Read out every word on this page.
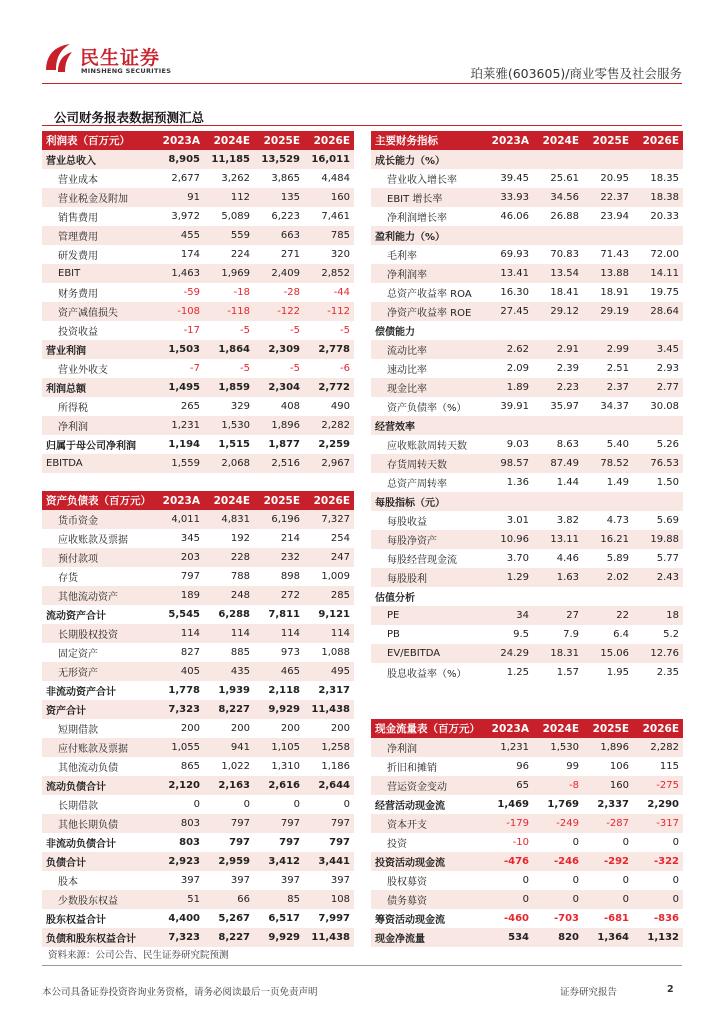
民生证券
MINSHENG SECURITIES	珀莱雅(603605)/商业零售及社会服务
公司财务报表数据预测汇总
利润表（百万元）	2023A	2024E	2025E	2026E
营业总收入	8,905	11,185	13,529	16,011
营业成本	2,677	3,262	3,865	4,484
营业税金及附加	91	112	135	160
销售费用	3,972	5,089	6,223	7,461
管理费用	455	559	663	785
研发费用	174	224	271	320
EBIT	1,463	1,969	2,409	2,852
财务费用	-59	-18	-28	-44
资产减值损失	-108	-118	-122	-112
投资收益	-17	-5	-5	-5
营业利润	1,503	1,864	2,309	2,778
营业外收支	-7	-5	-5	-6
利润总额	1,495	1,859	2,304	2,772
所得税	265	329	408	490
净利润	1,231	1,530	1,896	2,282
归属于母公司净利润	1,194	1,515	1,877	2,259
EBITDA	1,559	2,068	2,516	2,967
资产负债表（百万元）	2023A	2024E	2025E	2026E
货币资金	4,011	4,831	6,196	7,327
应收账款及票据	345	192	214	254
预付款项	203	228	232	247
存货	797	788	898	1,009
其他流动资产	189	248	272	285
流动资产合计	5,545	6,288	7,811	9,121
长期股权投资	114	114	114	114
固定资产	827	885	973	1,088
无形资产	405	435	465	495
非流动资产合计	1,778	1,939	2,118	2,317
资产合计	7,323	8,227	9,929	11,438
短期借款	200	200	200	200
应付账款及票据	1,055	941	1,105	1,258
其他流动负债	865	1,022	1,310	1,186
流动负债合计	2,120	2,163	2,616	2,644
长期借款	0	0	0	0
其他长期负债	803	797	797	797
非流动负债合计	803	797	797	797
负债合计	2,923	2,959	3,412	3,441
股本	397	397	397	397
少数股东权益	51	66	85	108
股东权益合计	4,400	5,267	6,517	7,997
负债和股东权益合计	7,323	8,227	9,929	11,438
主要财务指标	2023A	2024E	2025E	2026E
成长能力（%）				
营业收入增长率	39.45	25.61	20.95	18.35
EBIT 增长率	33.93	34.56	22.37	18.38
净利润增长率	46.06	26.88	23.94	20.33
盈利能力（%）				
毛利率	69.93	70.83	71.43	72.00
净利润率	13.41	13.54	13.88	14.11
总资产收益率 ROA	16.30	18.41	18.91	19.75
净资产收益率 ROE	27.45	29.12	29.19	28.64
偿债能力				
流动比率	2.62	2.91	2.99	3.45
速动比率	2.09	2.39	2.51	2.93
现金比率	1.89	2.23	2.37	2.77
资产负债率（%）	39.91	35.97	34.37	30.08
经营效率				
应收账款周转天数	9.03	8.63	5.40	5.26
存货周转天数	98.57	87.49	78.52	76.53
总资产周转率	1.36	1.44	1.49	1.50
每股指标（元）				
每股收益	3.01	3.82	4.73	5.69
每股净资产	10.96	13.11	16.21	19.88
每股经营现金流	3.70	4.46	5.89	5.77
每股股利	1.29	1.63	2.02	2.43
估值分析				
PE	34	27	22	18
PB	9.5	7.9	6.4	5.2
EV/EBITDA	24.29	18.31	15.06	12.76
股息收益率（%）	1.25	1.57	1.95	2.35
现金流量表（百万元）	2023A	2024E	2025E	2026E
净利润	1,231	1,530	1,896	2,282
折旧和摊销	96	99	106	115
营运资金变动	65	-8	160	-275
经营活动现金流	1,469	1,769	2,337	2,290
资本开支	-179	-249	-287	-317
投资	-10	0	0	0
投资活动现金流	-476	-246	-292	-322
股权募资	0	0	0	0
债务募资	0	0	0	0
筹资活动现金流	-460	-703	-681	-836
现金净流量	534	820	1,364	1,132
资料来源：公司公告、民生证券研究院预测
本公司具备证券投资咨询业务资格，请务必阅读最后一页免责声明	证券研究报告	2
